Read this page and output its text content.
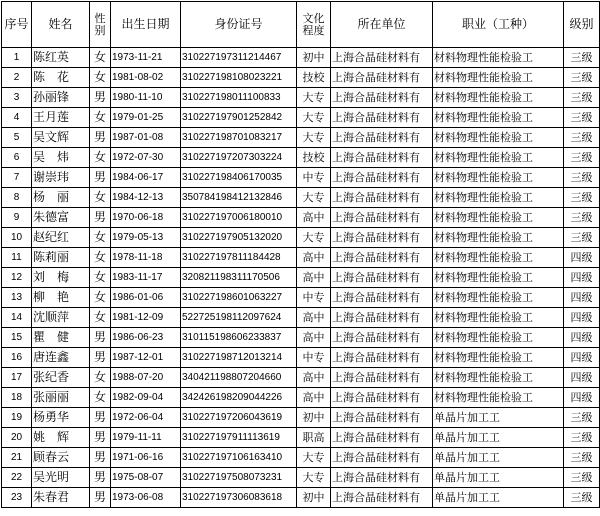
序号	姓名	性别	出生日期	身份证号	文化程度	所在单位	职业（工种）	级别
1	陈红英	女	1973-11-21	310227197311214467	初中	上海合晶硅材料有	材料物理性能检验工	三级
2	陈　花	女	1981-08-02	310227198108023221	技校	上海合晶硅材料有	材料物理性能检验工	三级
3	孙丽锋	男	1980-11-10	310227198011100833	大专	上海合晶硅材料有	材料物理性能检验工	三级
4	王月莲	女	1979-01-25	310227197901252842	大专	上海合晶硅材料有	材料物理性能检验工	三级
5	吴文辉	男	1987-01-08	310227198701083217	大专	上海合晶硅材料有	材料物理性能检验工	三级
6	吴　炜	女	1972-07-30	310227197207303224	技校	上海合晶硅材料有	材料物理性能检验工	三级
7	谢崇玮	男	1984-06-17	310227198406170035	中专	上海合晶硅材料有	材料物理性能检验工	三级
8	杨　丽	女	1984-12-13	350784198412132846	大专	上海合晶硅材料有	材料物理性能检验工	三级
9	朱德富	男	1970-06-18	310227197006180010	高中	上海合晶硅材料有	材料物理性能检验工	三级
10	赵纪红	女	1979-05-13	310227197905132020	大专	上海合晶硅材料有	材料物理性能检验工	三级
11	陈莉丽	女	1978-11-18	310227197811184428	高中	上海合晶硅材料有	材料物理性能检验工	四级
12	刘　梅	女	1983-11-17	320821198311170506	高中	上海合晶硅材料有	材料物理性能检验工	四级
13	柳　艳	女	1986-01-06	310227198601063227	中专	上海合晶硅材料有	材料物理性能检验工	四级
14	沈顺萍	女	1981-12-09	522725198112097624	高中	上海合晶硅材料有	材料物理性能检验工	四级
15	瞿　健	男	1986-06-23	310115198606233837	高中	上海合晶硅材料有	材料物理性能检验工	四级
16	唐连鑫	男	1987-12-01	310227198712013214	中专	上海合晶硅材料有	材料物理性能检验工	四级
17	张纪香	女	1988-07-20	340421198807204660	高中	上海合晶硅材料有	材料物理性能检验工	四级
18	张丽丽	女	1982-09-04	342426198209044226	高中	上海合晶硅材料有	材料物理性能检验工	四级
19	杨勇华	男	1972-06-04	310227197206043619	初中	上海合晶硅材料有	单晶片加工工	三级
20	姚　辉	男	1979-11-11	310227197911113619	职高	上海合晶硅材料有	单晶片加工工	三级
21	顾春云	男	1971-06-16	310227197106163410	大专	上海合晶硅材料有	单晶片加工工	三级
22	吴光明	男	1975-08-07	310227197508073231	大专	上海合晶硅材料有	单晶片加工工	三级
23	朱春君	男	1973-06-08	310227197306083618	初中	上海合晶硅材料有	单晶片加工工	三级
